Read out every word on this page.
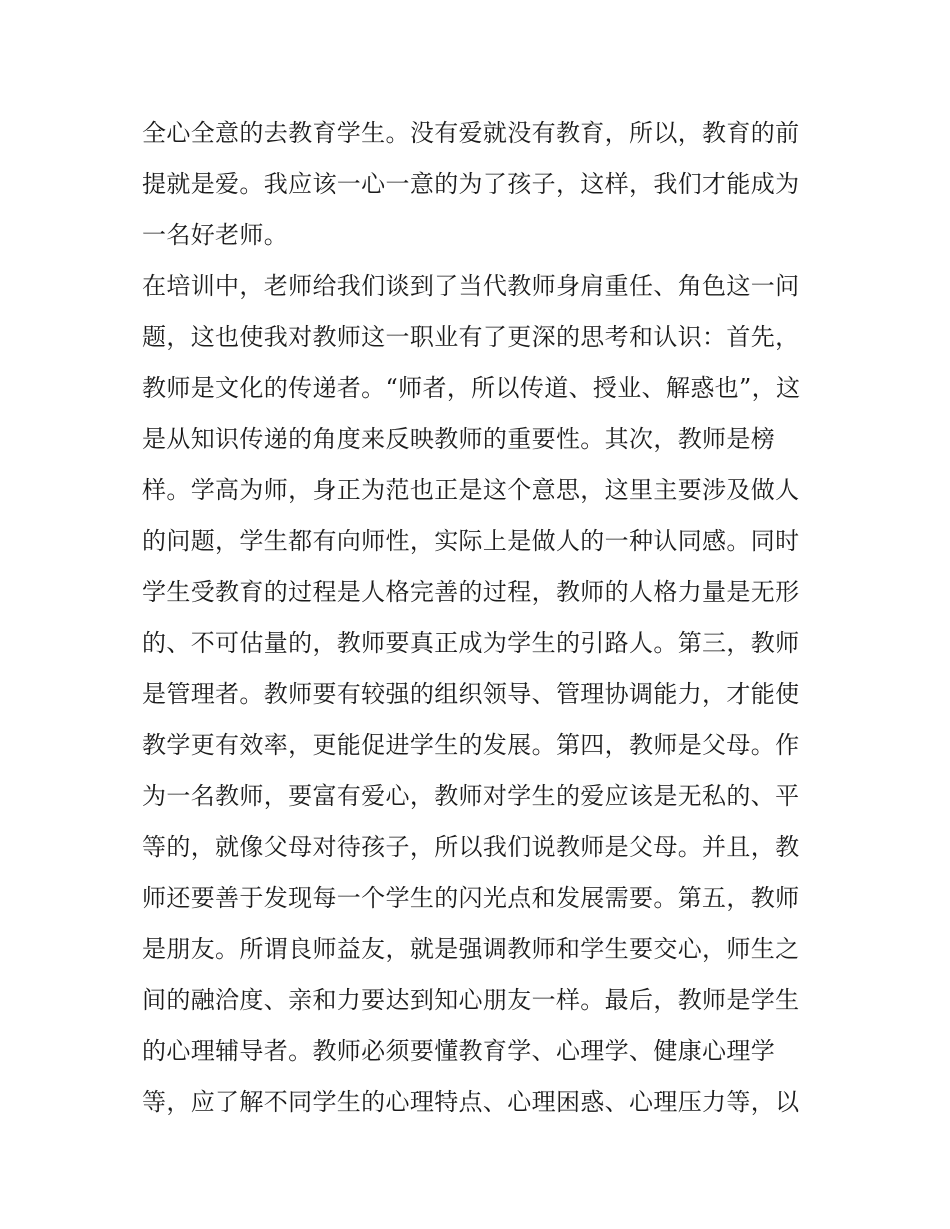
全心全意的去教育学生。没有爱就没有教育，所以，教育的前
提就是爱。我应该一心一意的为了孩子，这样，我们才能成为
一名好老师。
在培训中，老师给我们谈到了当代教师身肩重任、角色这一问
题，这也使我对教师这一职业有了更深的思考和认识：首先，
教师是文化的传递者。“师者，所以传道、授业、解惑也”，这
是从知识传递的角度来反映教师的重要性。其次，教师是榜
样。学高为师，身正为范也正是这个意思，这里主要涉及做人
的问题，学生都有向师性，实际上是做人的一种认同感。同时
学生受教育的过程是人格完善的过程，教师的人格力量是无形
的、不可估量的，教师要真正成为学生的引路人。第三，教师
是管理者。教师要有较强的组织领导、管理协调能力，才能使
教学更有效率，更能促进学生的发展。第四，教师是父母。作
为一名教师，要富有爱心，教师对学生的爱应该是无私的、平
等的，就像父母对待孩子，所以我们说教师是父母。并且，教
师还要善于发现每一个学生的闪光点和发展需要。第五，教师
是朋友。所谓良师益友，就是强调教师和学生要交心，师生之
间的融洽度、亲和力要达到知心朋友一样。最后，教师是学生
的心理辅导者。教师必须要懂教育学、心理学、健康心理学
等，应了解不同学生的心理特点、心理困惑、心理压力等，以
